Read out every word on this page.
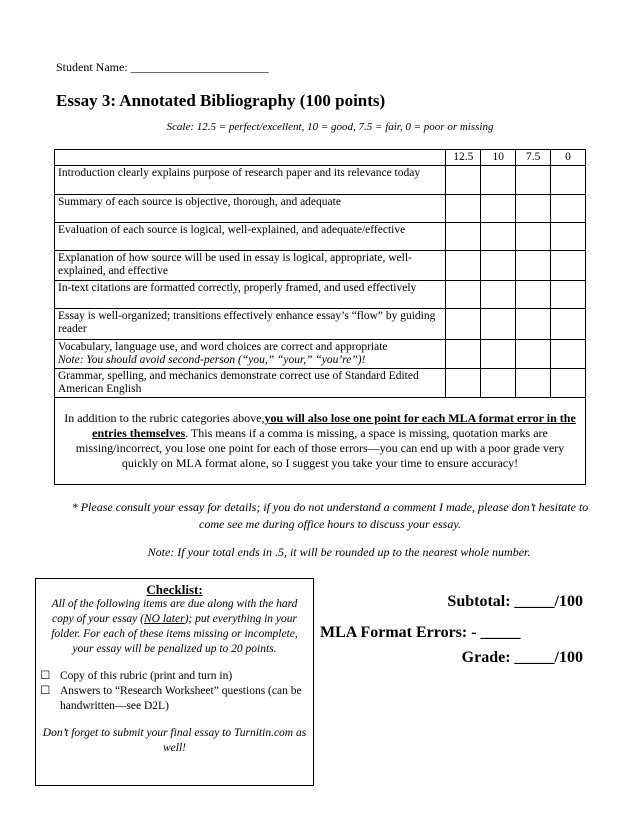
Student Name: _______________________
Essay 3: Annotated Bibliography (100 points)
Scale: 12.5 = perfect/excellent, 10 = good, 7.5 = fair, 0 = poor or missing
	12.5	10	7.5	0
Introduction clearly explains purpose of research paper and its relevance today				
Summary of each source is objective, thorough, and adequate				
Evaluation of each source is logical, well-explained, and adequate/effective				
Explanation of how source will be used in essay is logical, appropriate, well-explained, and effective				
In-text citations are formatted correctly, properly framed, and used effectively				
Essay is well-organized; transitions effectively enhance essay’s “flow” by guiding reader				

Vocabulary, language use, and word choices are correct and appropriate
Note: You should avoid second-person (“you,” “your,” “you’re”)!				

Grammar, spelling, and mechanics demonstrate correct use of Standard Edited American English				
In addition to the rubric categories above,you will also lose one point for each MLA format error in the entries themselves. This means if a comma is missing, a space is missing, quotation marks are missing/incorrect, you lose one point for each of those errors—you can end up with a poor grade very quickly on MLA format alone, so I suggest you take your time to ensure accuracy!				
* Please consult your essay for details; if you do not understand a comment I made, please don’t hesitate to come see me during office hours to discuss your essay.
Note: If your total ends in .5, it will be rounded up to the nearest whole number.
Checklist:
All of the following items are due along with the hard copy of your essay (NO later); put everything in your folder. For each of these items missing or incomplete, your essay will be penalized up to 20 points.
☐ Copy of this rubric (print and turn in)
☐ Answers to “Research Worksheet” questions (can be handwritten—see D2L)
Don’t forget to submit your final essay to Turnitin.com as well!
Subtotal: _____/100
MLA Format Errors: - _____
Grade: _____/100
